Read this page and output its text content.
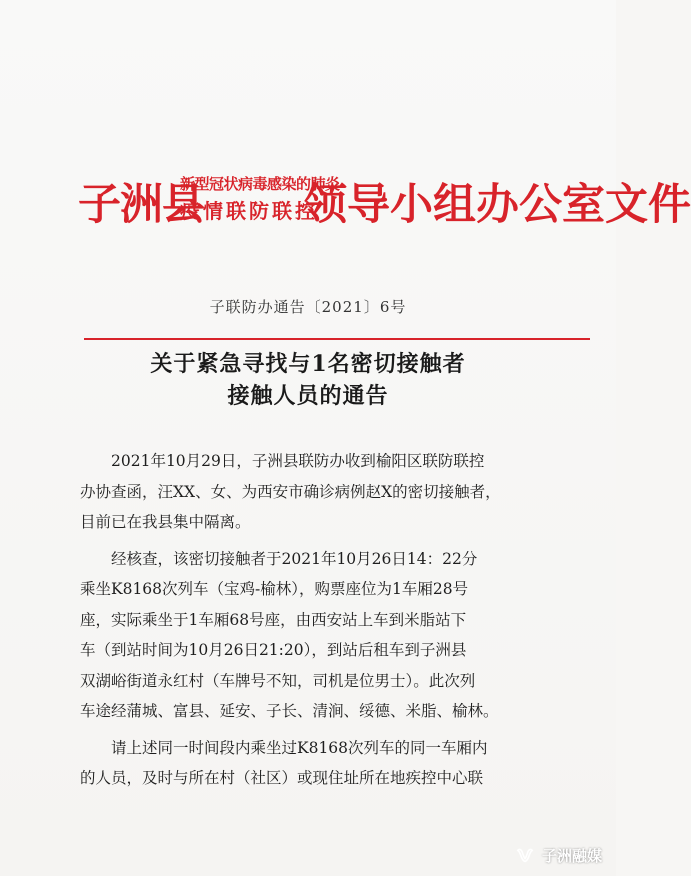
子洲县
新型冠状病毒感染的肺炎
疫情联防联控
领导小组办公室文件
子联防办通告〔2021〕6号
关于紧急寻找与1名密切接触者
接触人员的通告
2021年10月29日，子洲县联防办收到榆阳区联防联控
办协查函，汪XX、女、为西安市确诊病例赵X的密切接触者，
目前已在我县集中隔离。
经核查，该密切接触者于2021年10月26日14：22分
乘坐K8168次列车（宝鸡-榆林），购票座位为1车厢28号
座，实际乘坐于1车厢68号座，由西安站上车到米脂站下
车（到站时间为10月26日21:20），到站后租车到子洲县
双湖峪街道永红村（车牌号不知，司机是位男士）。此次列
车途经蒲城、富县、延安、子长、清涧、绥德、米脂、榆林。
请上述同一时间段内乘坐过K8168次列车的同一车厢内
的人员，及时与所在村（社区）或现住址所在地疾控中心联
子洲融媒
